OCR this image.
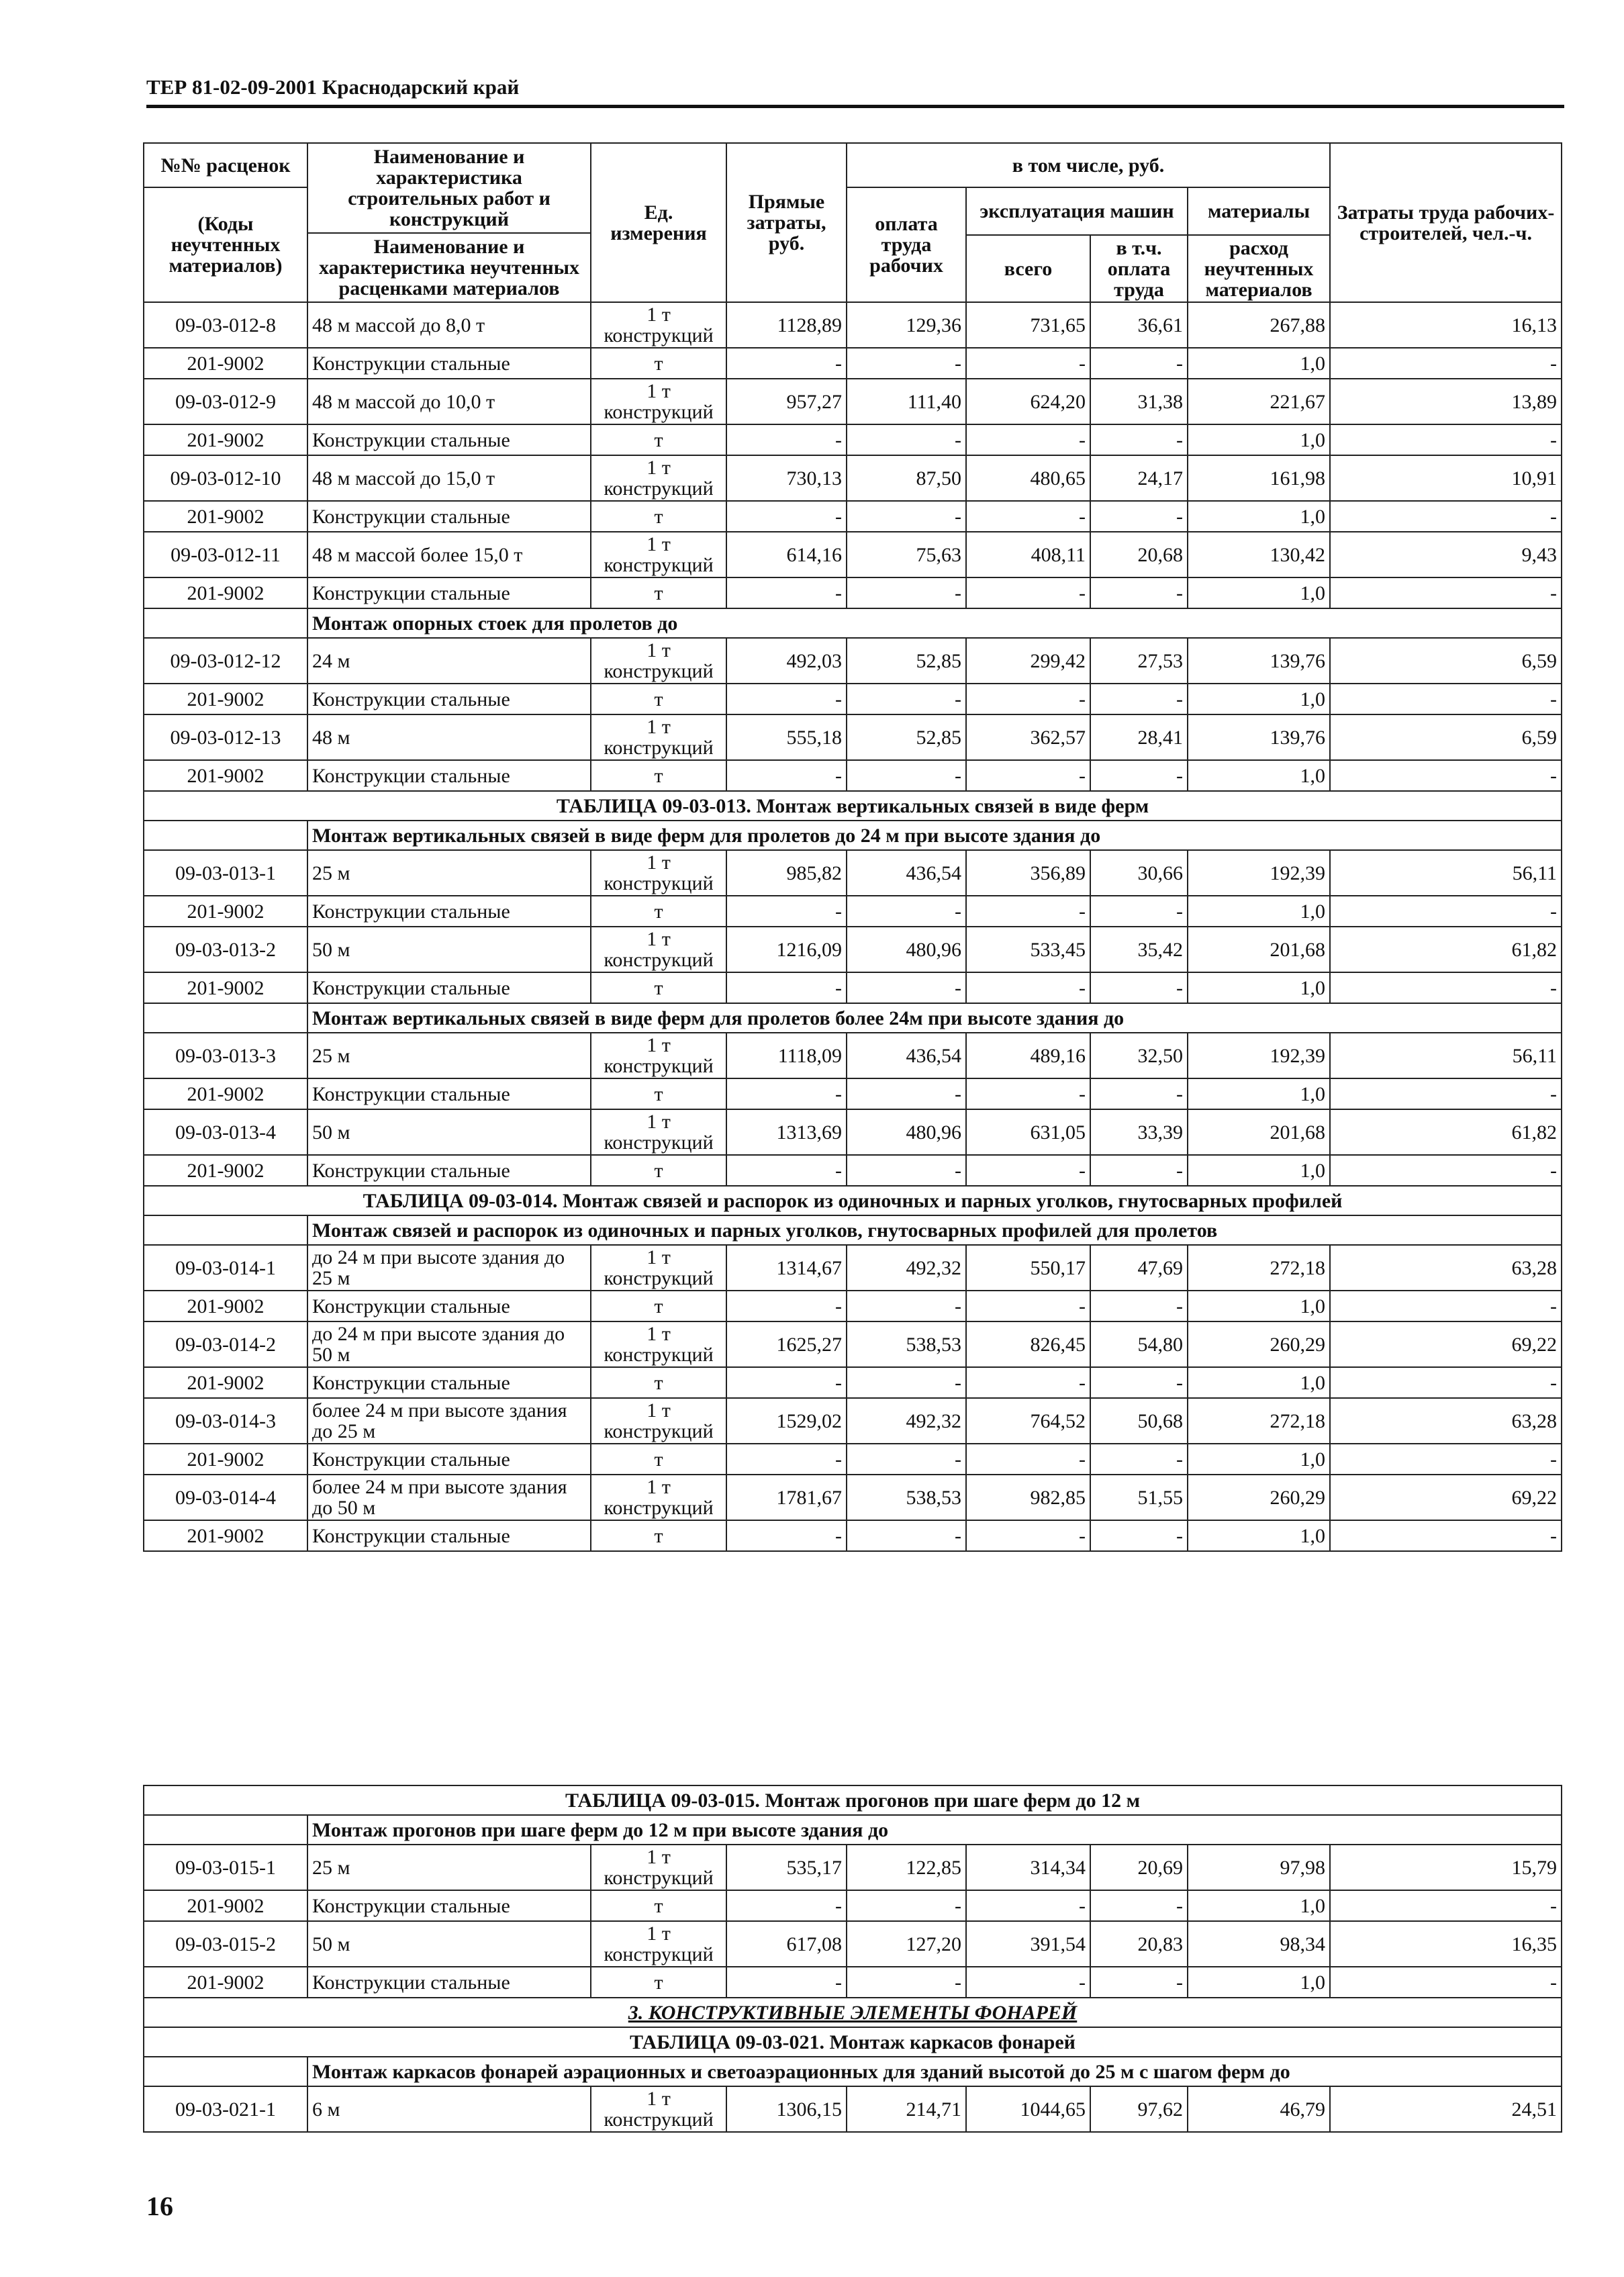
ТЕР 81-02-09-2001 Краснодарский край
№№ расценок	Наименование и характеристика строительных работ и конструкций
Наименование и характеристика неучтенных расценками материалов	Ед. измерения	Прямые затраты, руб.	в том числе, руб.				Затраты труда рабочих-строителей, чел.-ч.
(Коды неучтенных материалов)				оплата труда рабочих	эксплуатация машин		материалы	
					всего	в т.ч. оплата труда	расход неучтенных материалов	
09-03-012-8	48 м массой до 8,0 т	1 т конструкций	1128,89	129,36	731,65	36,61	267,88	16,13
201-9002	Конструкции стальные	т	-	-	-	-	1,0	-
09-03-012-9	48 м массой до 10,0 т	1 т конструкций	957,27	111,40	624,20	31,38	221,67	13,89
201-9002	Конструкции стальные	т	-	-	-	-	1,0	-
09-03-012-10	48 м массой до 15,0 т	1 т конструкций	730,13	87,50	480,65	24,17	161,98	10,91
201-9002	Конструкции стальные	т	-	-	-	-	1,0	-
09-03-012-11	48 м массой более 15,0 т	1 т конструкций	614,16	75,63	408,11	20,68	130,42	9,43
201-9002	Конструкции стальные	т	-	-	-	-	1,0	-
	Монтаж опорных стоек для пролетов до							
09-03-012-12	24 м	1 т конструкций	492,03	52,85	299,42	27,53	139,76	6,59
201-9002	Конструкции стальные	т	-	-	-	-	1,0	-
09-03-012-13	48 м	1 т конструкций	555,18	52,85	362,57	28,41	139,76	6,59
201-9002	Конструкции стальные	т	-	-	-	-	1,0	-
ТАБЛИЦА 09-03-013. Монтаж вертикальных связей в виде ферм								
	Монтаж вертикальных связей в виде ферм для пролетов до 24 м при высоте здания до							
09-03-013-1	25 м	1 т конструкций	985,82	436,54	356,89	30,66	192,39	56,11
201-9002	Конструкции стальные	т	-	-	-	-	1,0	-
09-03-013-2	50 м	1 т конструкций	1216,09	480,96	533,45	35,42	201,68	61,82
201-9002	Конструкции стальные	т	-	-	-	-	1,0	-
	Монтаж вертикальных связей в виде ферм для пролетов более 24м при высоте здания до							
09-03-013-3	25 м	1 т конструкций	1118,09	436,54	489,16	32,50	192,39	56,11
201-9002	Конструкции стальные	т	-	-	-	-	1,0	-
09-03-013-4	50 м	1 т конструкций	1313,69	480,96	631,05	33,39	201,68	61,82
201-9002	Конструкции стальные	т	-	-	-	-	1,0	-
ТАБЛИЦА 09-03-014. Монтаж связей и распорок из одиночных и парных уголков, гнутосварных профилей								
	Монтаж связей и распорок из одиночных и парных уголков, гнутосварных профилей для пролетов							
09-03-014-1	до 24 м при высоте здания до 25 м	1 т конструкций	1314,67	492,32	550,17	47,69	272,18	63,28
201-9002	Конструкции стальные	т	-	-	-	-	1,0	-
09-03-014-2	до 24 м при высоте здания до 50 м	1 т конструкций	1625,27	538,53	826,45	54,80	260,29	69,22
201-9002	Конструкции стальные	т	-	-	-	-	1,0	-
09-03-014-3	более 24 м при высоте здания до 25 м	1 т конструкций	1529,02	492,32	764,52	50,68	272,18	63,28
201-9002	Конструкции стальные	т	-	-	-	-	1,0	-
09-03-014-4	более 24 м при высоте здания до 50 м	1 т конструкций	1781,67	538,53	982,85	51,55	260,29	69,22
201-9002	Конструкции стальные	т	-	-	-	-	1,0	-
ТАБЛИЦА 09-03-015. Монтаж прогонов при шаге ферм до 12 м								
	Монтаж прогонов при шаге ферм до 12 м при высоте здания до							
09-03-015-1	25 м	1 т конструкций	535,17	122,85	314,34	20,69	97,98	15,79
201-9002	Конструкции стальные	т	-	-	-	-	1,0	-
09-03-015-2	50 м	1 т конструкций	617,08	127,20	391,54	20,83	98,34	16,35
201-9002	Конструкции стальные	т	-	-	-	-	1,0	-
3. КОНСТРУКТИВНЫЕ ЭЛЕМЕНТЫ ФОНАРЕЙ								
ТАБЛИЦА 09-03-021. Монтаж каркасов фонарей								
	Монтаж каркасов фонарей аэрационных и светоаэрационных для зданий высотой до 25 м с шагом ферм до							
09-03-021-1	6 м	1 т конструкций	1306,15	214,71	1044,65	97,62	46,79	24,51
16
